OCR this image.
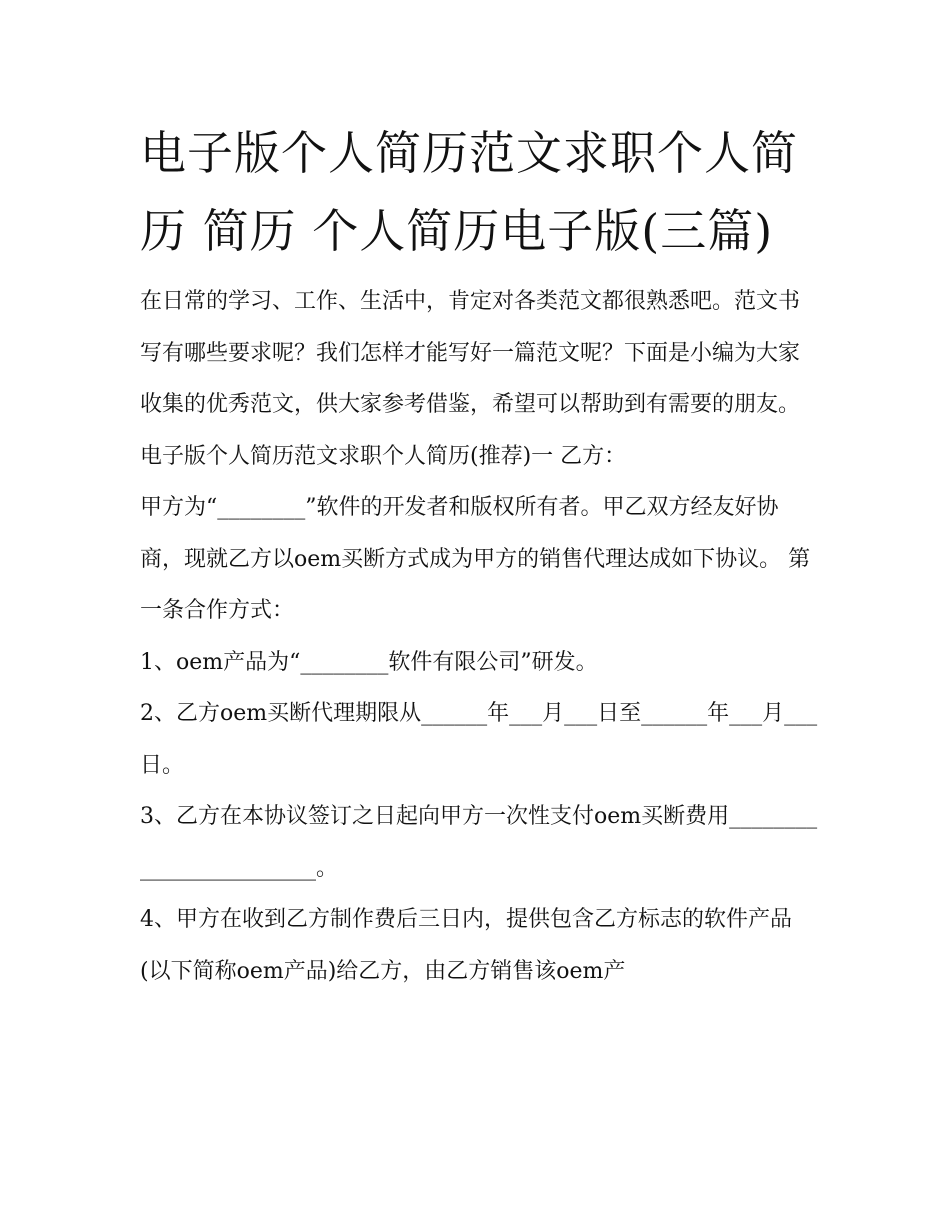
电子版个人简历范文求职个人简历 简历 个人简历电子版(三篇)

在日常的学习、工作、生活中，肯定对各类范文都很熟悉吧。范文书写有哪些要求呢？我们怎样才能写好一篇范文呢？下面是小编为大家收集的优秀范文，供大家参考借鉴，希望可以帮助到有需要的朋友。

电子版个人简历范文求职个人简历(推荐)一 乙方：

甲方为“________”软件的开发者和版权所有者。甲乙双方经友好协商，现就乙方以oem买断方式成为甲方的销售代理达成如下协议。 第一条合作方式：

1、oem产品为“________软件有限公司”研发。

2、乙方oem买断代理期限从______年___月___日至______年___月___日。

3、乙方在本协议签订之日起向甲方一次性支付oem买断费用________________________。

4、甲方在收到乙方制作费后三日内，提供包含乙方标志的软件产品(以下简称oem产品)给乙方，由乙方销售该oem产
